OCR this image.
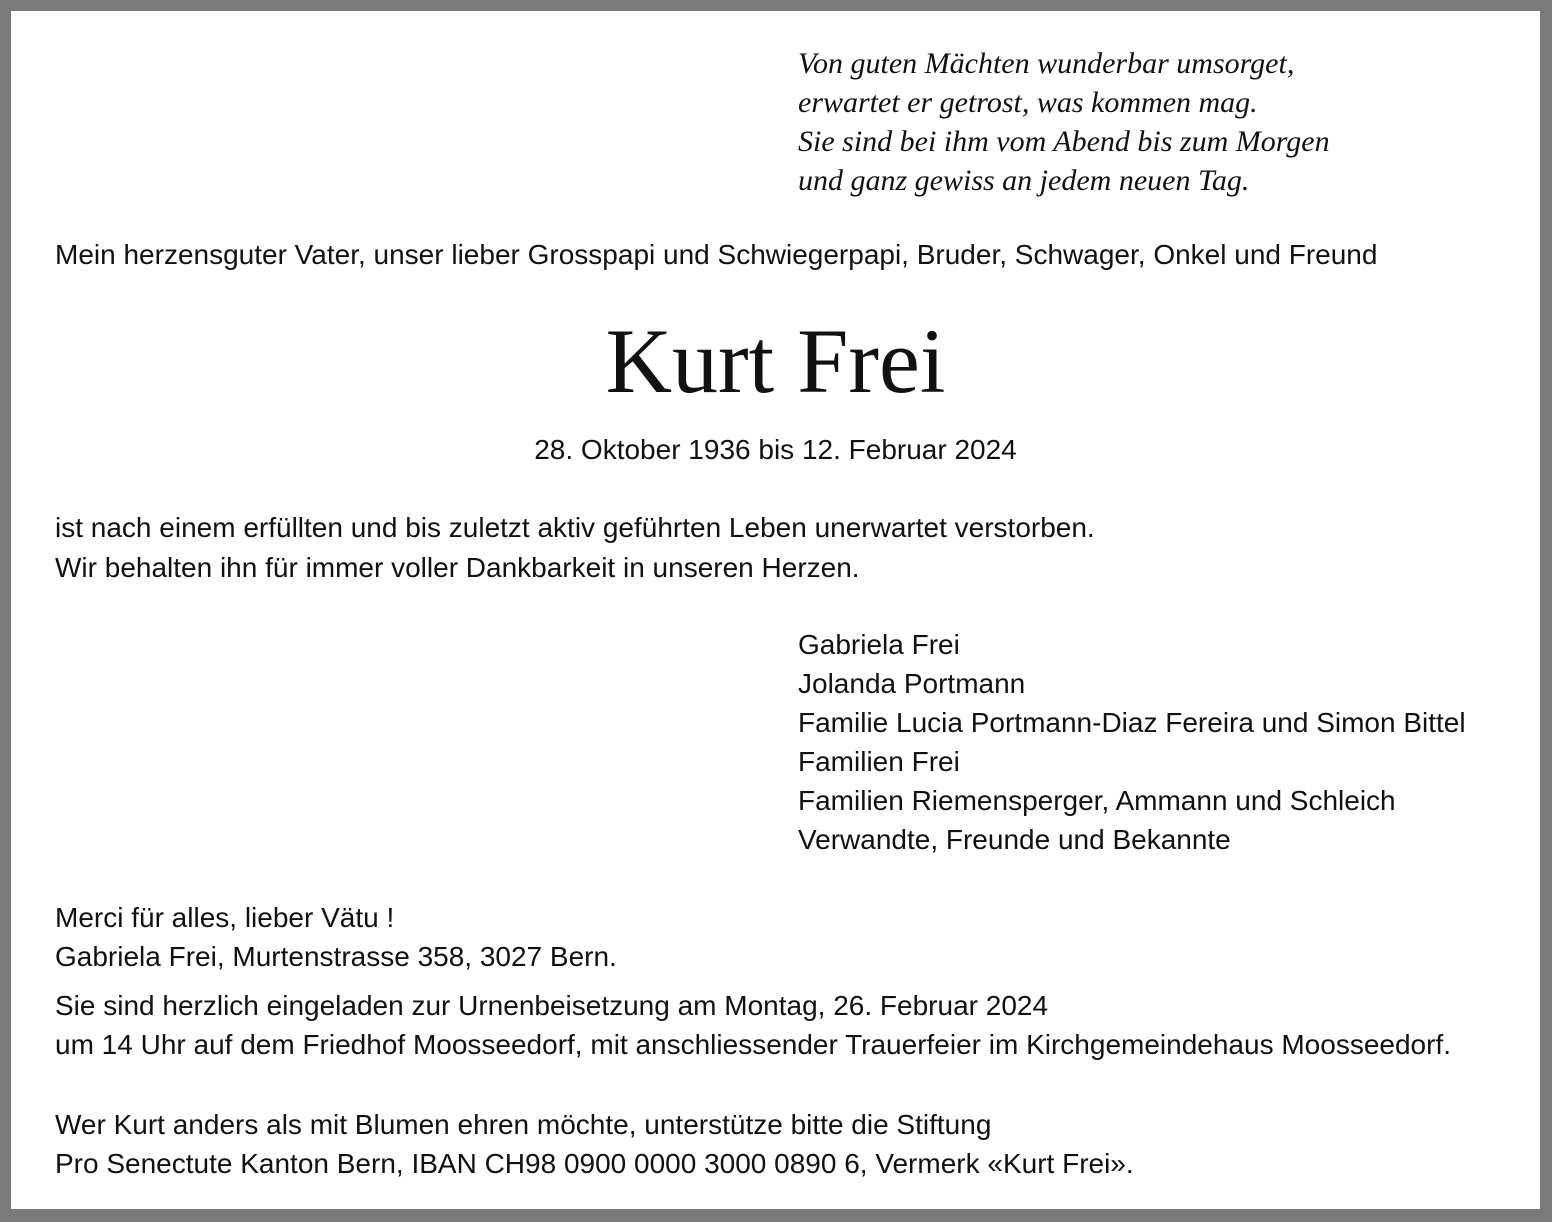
Von guten Mächten wunderbar umsorget,
erwartet er getrost, was kommen mag.
Sie sind bei ihm vom Abend bis zum Morgen
und ganz gewiss an jedem neuen Tag.
Mein herzensguter Vater, unser lieber Grosspapi und Schwiegerpapi, Bruder, Schwager, Onkel und Freund
Kurt Frei
28. Oktober 1936 bis 12. Februar 2024
ist nach einem erfüllten und bis zuletzt aktiv geführten Leben unerwartet verstorben.
Wir behalten ihn für immer voller Dankbarkeit in unseren Herzen.
Gabriela Frei
Jolanda Portmann
Familie Lucia Portmann-Diaz Fereira und Simon Bittel
Familien Frei
Familien Riemensperger, Ammann und Schleich
Verwandte, Freunde und Bekannte
Merci für alles, lieber Vätu !
Gabriela Frei, Murtenstrasse 358, 3027 Bern.
Sie sind herzlich eingeladen zur Urnenbeisetzung am Montag, 26. Februar 2024
um 14 Uhr auf dem Friedhof Moosseedorf, mit anschliessender Trauerfeier im Kirchgemeindehaus Moosseedorf.
Wer Kurt anders als mit Blumen ehren möchte, unterstütze bitte die Stiftung
Pro Senectute Kanton Bern, IBAN CH98 0900 0000 3000 0890 6, Vermerk «Kurt Frei».
